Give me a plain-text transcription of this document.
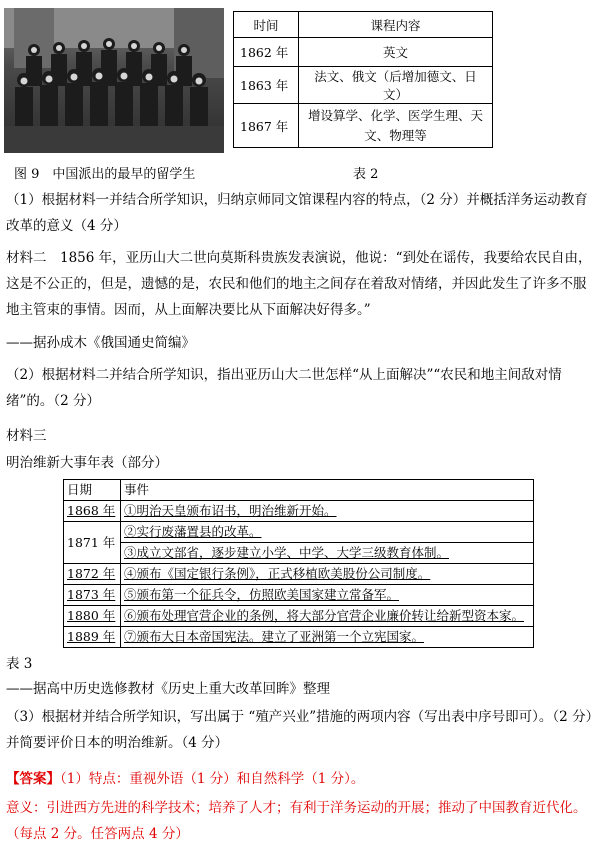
时间	课程内容
1862 年	英文
1863 年	法文、俄文（后增加德文、日文）
1867 年	增设算学、化学、医学生理、天文、物理等
图 9　中国派出的最早的留学生	表 2
（1）根据材料一并结合所学知识，归纳京师同文馆课程内容的特点，（2 分）并概括洋务运动教育改革的意义（4 分）
材料二　1856 年，亚历山大二世向莫斯科贵族发表演说，他说：“到处在谣传，我要给农民自由，这是不公正的，但是，遗憾的是，农民和他们的地主之间存在着敌对情绪，并因此发生了许多不服地主管束的事情。因而，从上面解决要比从下面解决好得多。”
——据孙成木《俄国通史简编》
（2）根据材料二并结合所学知识，指出亚历山大二世怎样“从上面解决”“农民和地主间敌对情绪”的。（2 分）
材料三
明治维新大事年表（部分）
日期	事件
1868 年	①明治天皇颁布诏书，明治维新开始。
1871 年	②实行废藩置县的改革。
	③成立文部省，逐步建立小学、中学、大学三级教育体制。
1872 年	④颁布《国定银行条例》，正式移植欧美股份公司制度。
1873 年	⑤颁布第一个征兵令，仿照欧美国家建立常备军。
1880 年	⑥颁布处理官营企业的条例，将大部分官营企业廉价转让给新型资本家。
1889 年	⑦颁布大日本帝国宪法。建立了亚洲第一个立宪国家。
表 3
——据高中历史选修教材《历史上重大改革回眸》整理
（3）根据材并结合所学知识，写出属于 “殖产兴业”措施的两项内容（写出表中序号即可）。（2 分）并简要评价日本的明治维新。（4 分）
【答案】（1）特点：重视外语（1 分）和自然科学（1 分）。
意义：引进西方先进的科学技术；培养了人才；有利于洋务运动的开展；推动了中国教育近代化。（每点 2 分。任答两点 4 分）
